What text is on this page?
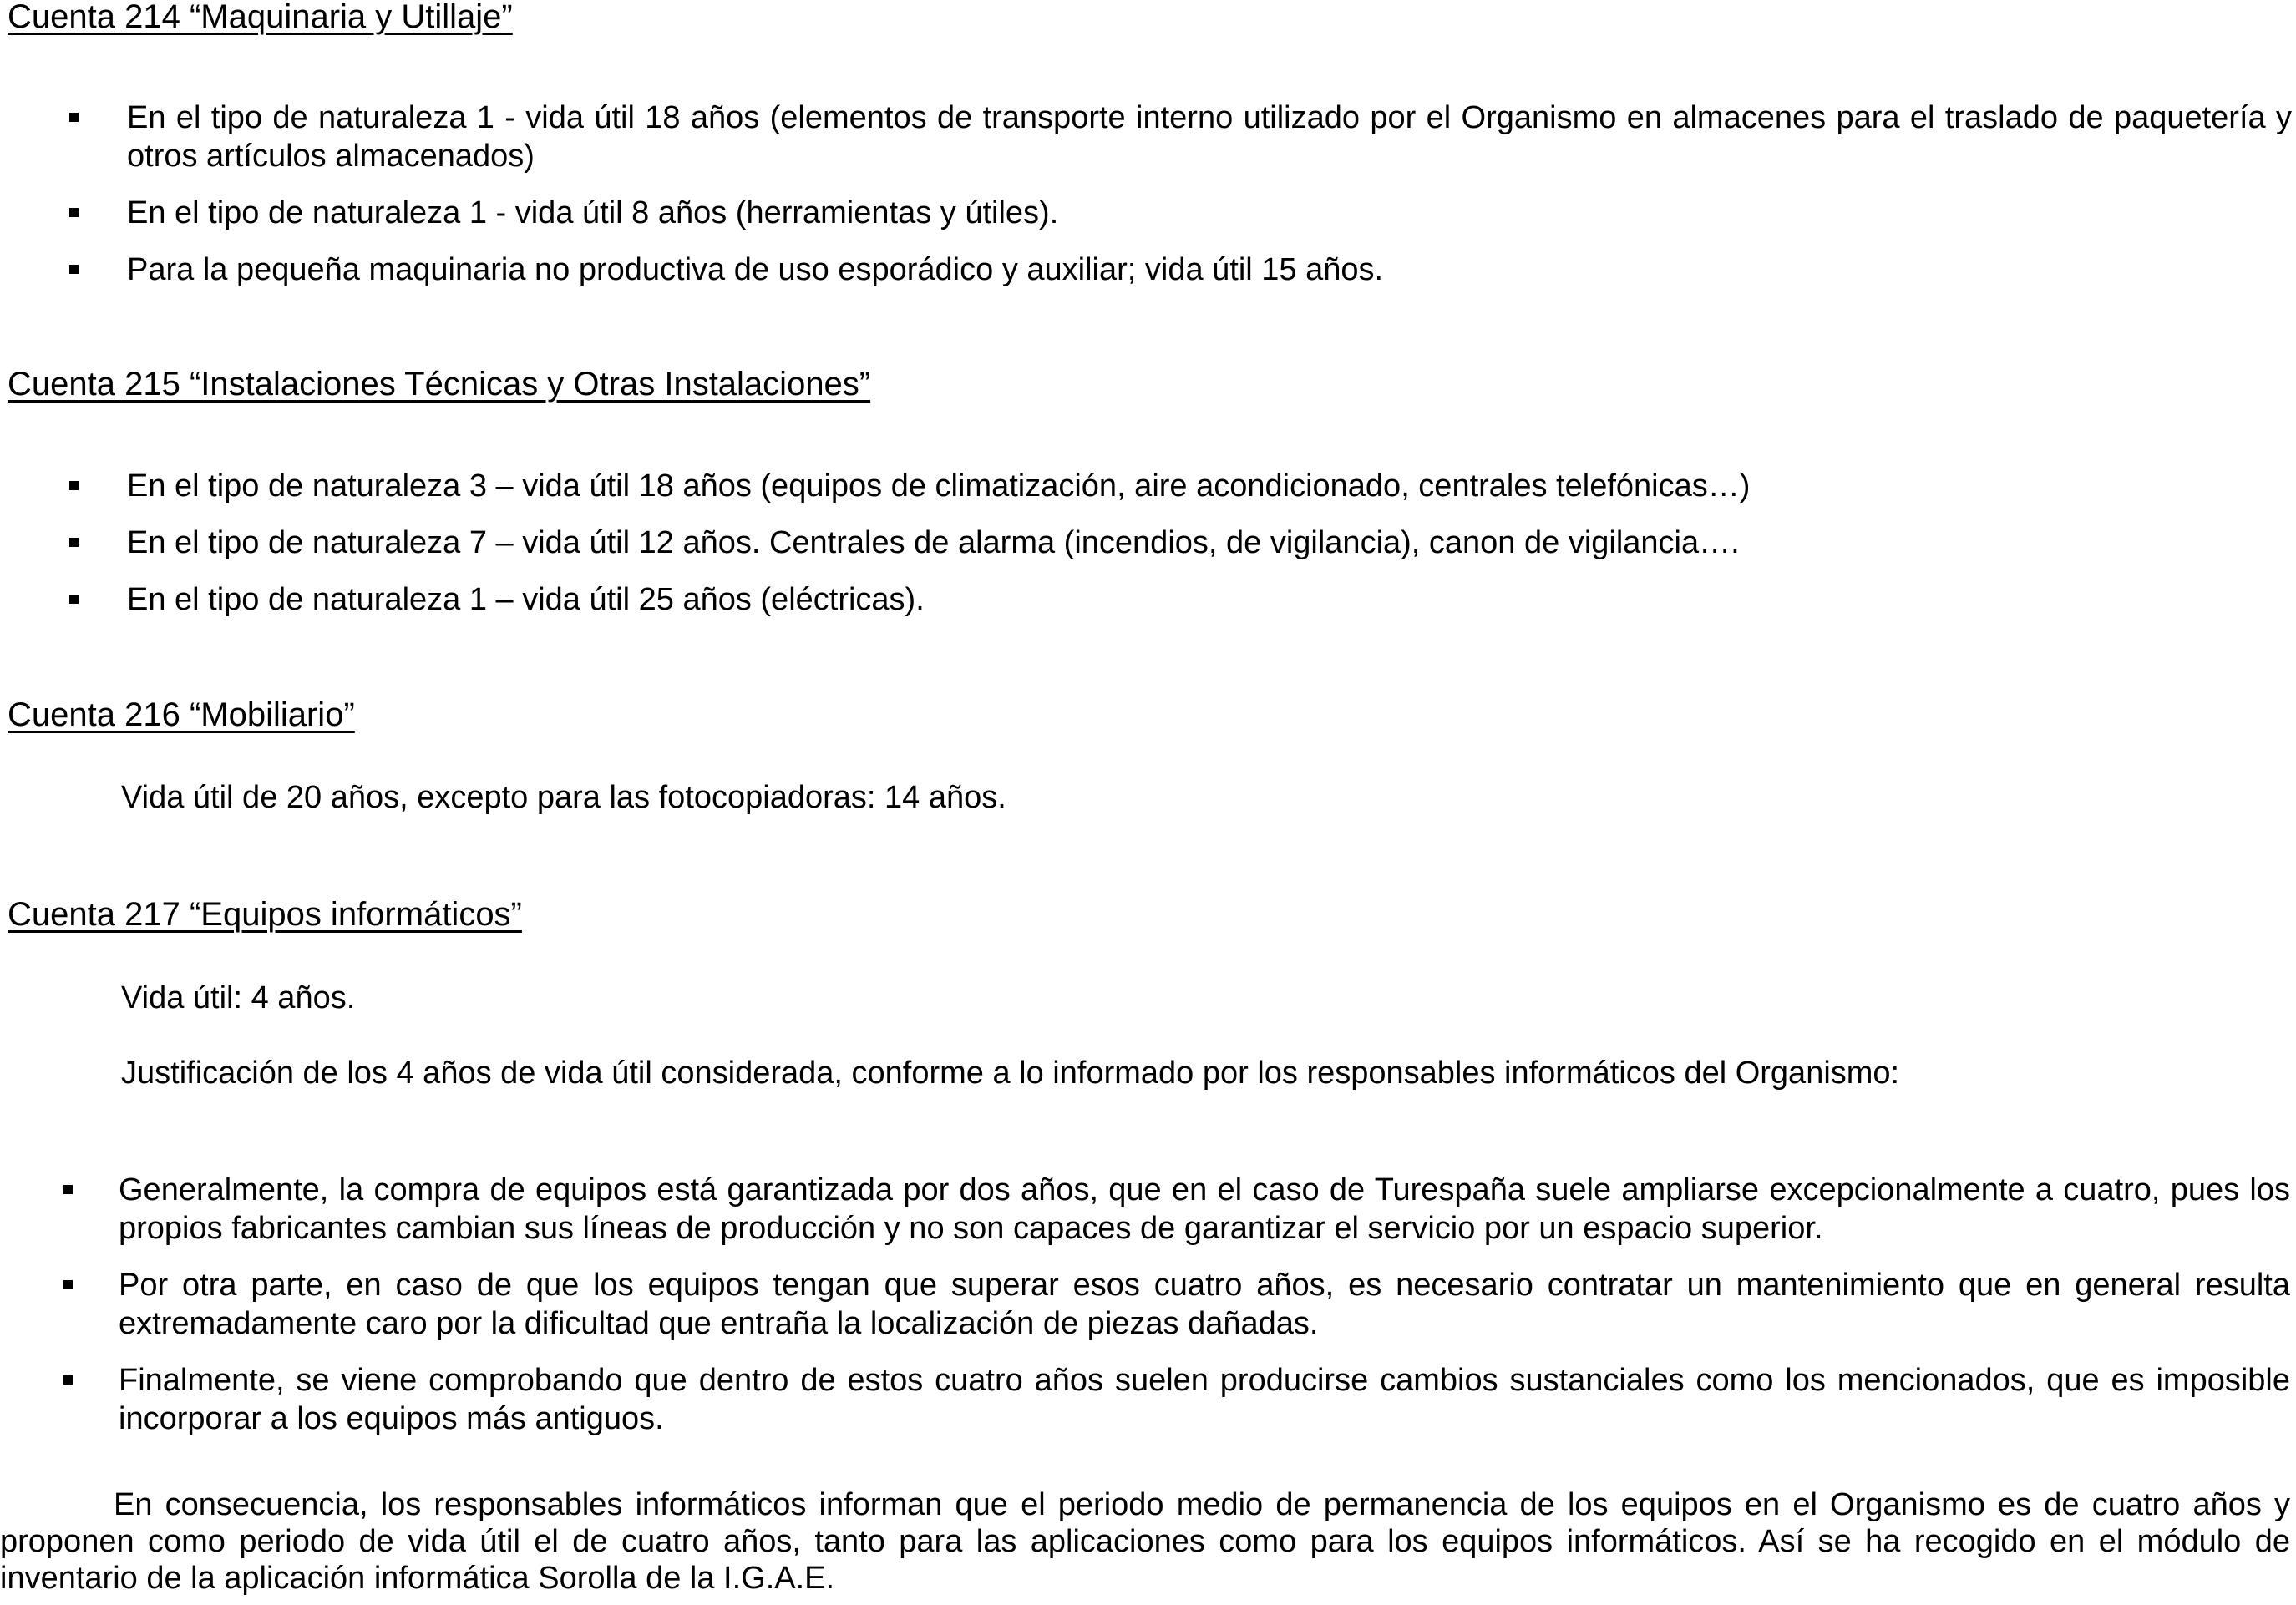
Cuenta 214 “Maquinaria y Utillaje”
En el tipo de naturaleza 1 - vida útil 18 años (elementos de transporte interno utilizado por el Organismo en almacenes para el traslado de paquetería y otros artículos almacenados)
En el tipo de naturaleza 1 - vida útil 8 años (herramientas y útiles).
Para la pequeña maquinaria no productiva de uso esporádico y auxiliar; vida útil 15 años.
Cuenta 215 “Instalaciones Técnicas y Otras Instalaciones”
En el tipo de naturaleza 3 – vida útil 18 años (equipos de climatización, aire acondicionado, centrales telefónicas…)
En el tipo de naturaleza 7 – vida útil 12 años. Centrales de alarma (incendios, de vigilancia), canon de vigilancia….
En el tipo de naturaleza 1 – vida útil 25 años (eléctricas).
Cuenta 216 “Mobiliario”

Vida útil de 20 años, excepto para las fotocopiadoras: 14 años.

Cuenta 217 “Equipos informáticos”

Vida útil: 4 años.

Justificación de los 4 años de vida útil considerada, conforme a lo informado por los responsables informáticos del Organismo:

Generalmente, la compra de equipos está garantizada por dos años, que en el caso de Turespaña suele ampliarse excepcionalmente a cuatro, pues los propios fabricantes cambian sus líneas de producción y no son capaces de garantizar el servicio por un espacio superior.
Por otra parte, en caso de que los equipos tengan que superar esos cuatro años, es necesario contratar un mantenimiento que en general resulta extremadamente caro por la dificultad que entraña la localización de piezas dañadas.
Finalmente, se viene comprobando que dentro de estos cuatro años suelen producirse cambios sustanciales como los mencionados, que es imposible incorporar a los equipos más antiguos.

En consecuencia, los responsables informáticos informan que el periodo medio de permanencia de los equipos en el Organismo es de cuatro años y proponen como periodo de vida útil el de cuatro años, tanto para las aplicaciones como para los equipos informáticos. Así se ha recogido en el módulo de inventario de la aplicación informática Sorolla de la I.G.A.E.
